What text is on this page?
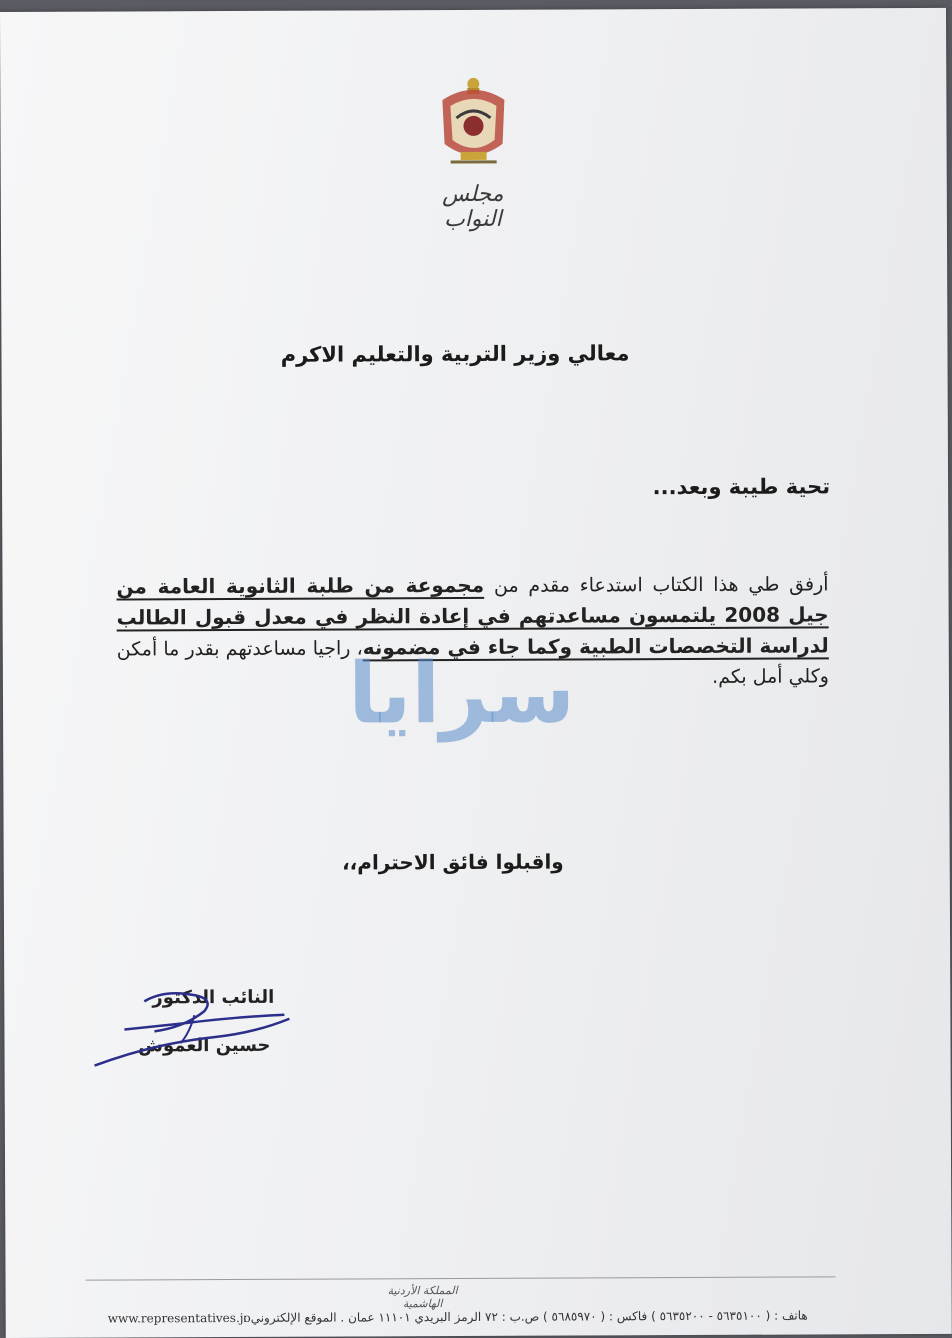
مجلس النواب
معالي وزير التربية والتعليم الاكرم
تحية طيبة وبعد...
أرفق طي هذا الكتاب استدعاء مقدم من مجموعة من طلبة الثانوية العامة من جيل 2008 يلتمسون مساعدتهم في إعادة النظر في معدل قبول الطالب لدراسة التخصصات الطبية وكما جاء في مضمونه، راجيا مساعدتهم بقدر ما أمكن وكلي أمل بكم.
سرايا
واقبلوا فائق الاحترام،،
النائب الدكتور
حسين العموش
المملكة الأردنية الهاشمية
هاتف : ( ٥٦٣٥١٠٠ - ٥٦٣٥٢٠٠ ) فاكس : ( ٥٦٨٥٩٧٠ ) ص.ب : ٧٢ الرمز البريدي ١١١٠١ عمان . الموقع الإلكتروني :
www.representatives.jo
